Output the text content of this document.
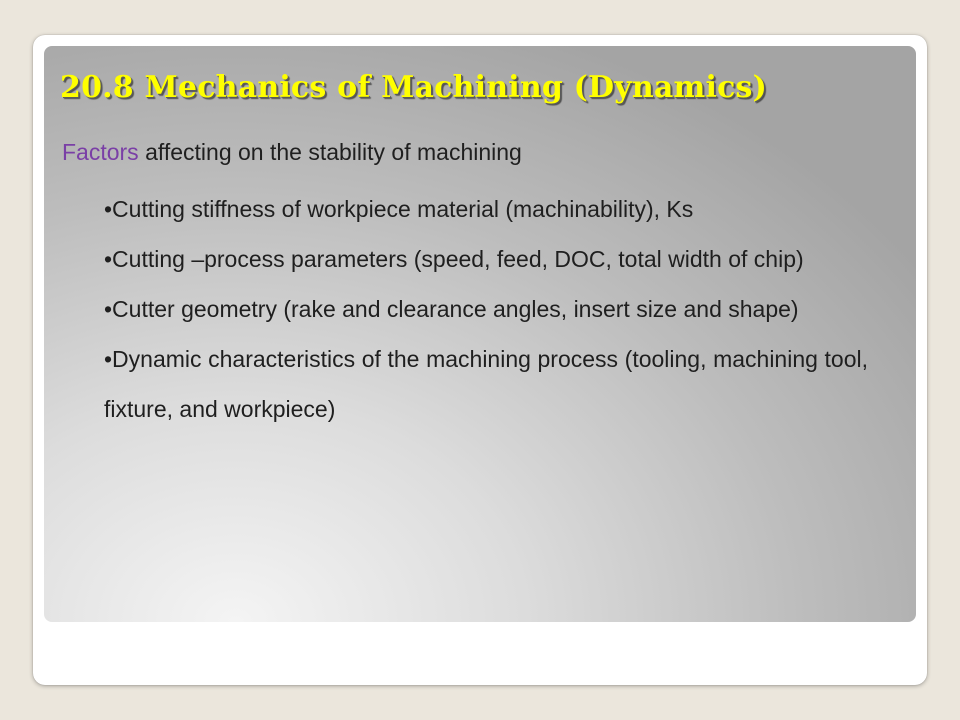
20.8 Mechanics of Machining (Dynamics)
Factors affecting on the stability of machining
•Cutting stiffness of workpiece material (machinability), Ks
•Cutting –process parameters (speed, feed, DOC, total width of chip)
•Cutter geometry (rake and clearance angles, insert size and shape)
•Dynamic characteristics of the machining process (tooling, machining tool, fixture, and workpiece)
